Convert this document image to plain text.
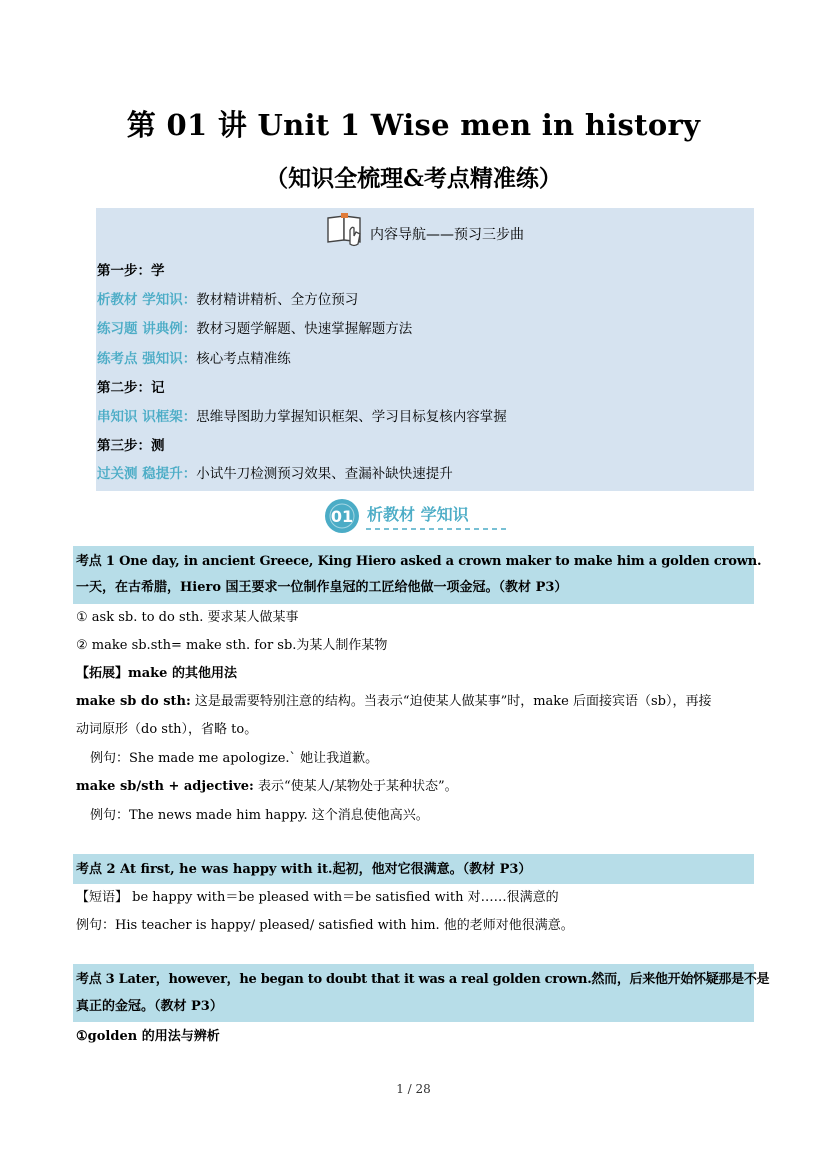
第 01 讲 Unit 1 Wise men in history
（知识全梳理&考点精准练）
内容导航——预习三步曲
第一步：学
析教材 学知识：教材精讲精析、全方位预习
练习题 讲典例：教材习题学解题、快速掌握解题方法
练考点 强知识：核心考点精准练
第二步：记
串知识 识框架：思维导图助力掌握知识框架、学习目标复核内容掌握
第三步：测
过关测 稳提升：小试牛刀检测预习效果、查漏补缺快速提升
01 析教材 学知识
考点 1 One day, in ancient Greece, King Hiero asked a crown maker to make him a golden crown.
一天，在古希腊，Hiero 国王要求一位制作皇冠的工匠给他做一项金冠。（教材 P3）
① ask sb. to do sth. 要求某人做某事
② make sb.sth= make sth. for sb.为某人制作某物
【拓展】make 的其他用法
make sb do sth: 这是最需要特别注意的结构。当表示“迫使某人做某事”时，make 后面接宾语（sb），再接
动词原形（do sth），省略 to。
例句：She made me apologize.` 她让我道歉。
make sb/sth + adjective: 表示“使某人/某物处于某种状态”。
例句：The news made him happy. 这个消息使他高兴。
考点 2 At first, he was happy with it.起初，他对它很满意。（教材 P3）
【短语】 be happy with＝be pleased with＝be satisfied with 对……很满意的
例句：His teacher is happy/ pleased/ satisfied with him. 他的老师对他很满意。
考点 3 Later，however，he began to doubt that it was a real golden crown.然而，后来他开始怀疑那是不是
真正的金冠。（教材 P3）
①golden 的用法与辨析
1 / 28
